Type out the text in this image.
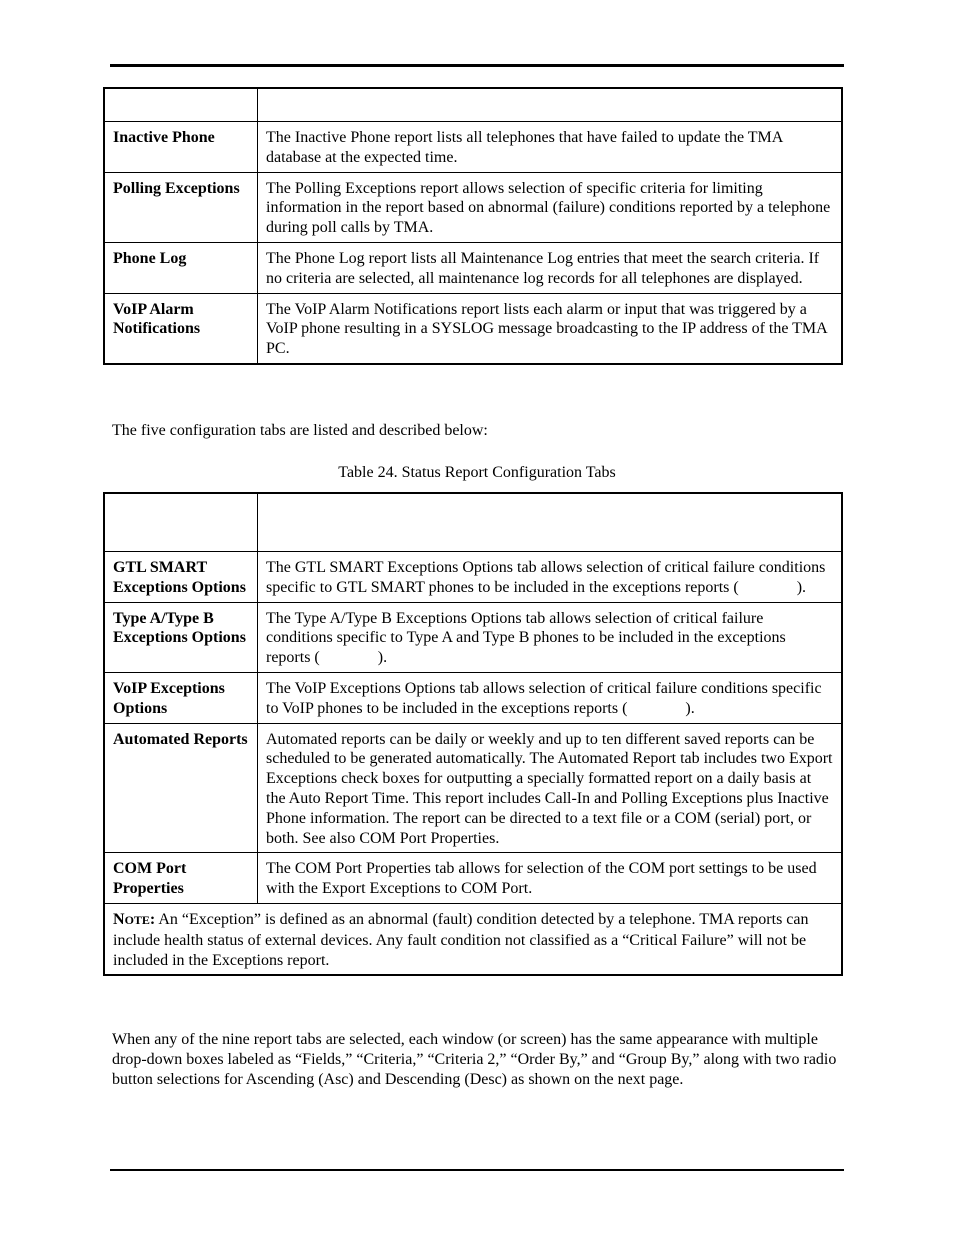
Inactive Phone	The Inactive Phone report lists all telephones that have failed to update the TMA database at the expected time.
Polling Exceptions	The Polling Exceptions report allows selection of specific criteria for limiting information in the report based on abnormal (failure) conditions reported by a telephone during poll calls by TMA.
Phone Log	The Phone Log report lists all Maintenance Log entries that meet the search criteria. If no criteria are selected, all maintenance log records for all telephones are displayed.
VoIP Alarm Notifications	The VoIP Alarm Notifications report lists each alarm or input that was triggered by a VoIP phone resulting in a SYSLOG message broadcasting to the IP address of the TMA PC.

The five configuration tabs are listed and described below:

Table 24. Status Report Configuration Tabs

GTL SMART Exceptions Options	The GTL SMART Exceptions Options tab allows selection of critical failure conditions specific to GTL SMART phones to be included in the exceptions reports ( ).
Type A/Type B Exceptions Options	The Type A/Type B Exceptions Options tab allows selection of critical failure conditions specific to Type A and Type B phones to be included in the exceptions reports ( ).
VoIP Exceptions Options	The VoIP Exceptions Options tab allows selection of critical failure conditions specific to VoIP phones to be included in the exceptions reports ( ).
Automated Reports	Automated reports can be daily or weekly and up to ten different saved reports can be scheduled to be generated automatically. The Automated Report tab includes two Export Exceptions check boxes for outputting a specially formatted report on a daily basis at the Auto Report Time. This report includes Call-In and Polling Exceptions plus Inactive Phone information. The report can be directed to a text file or a COM (serial) port, or both. See also COM Port Properties.
COM Port Properties	The COM Port Properties tab allows for selection of the COM port settings to be used with the Export Exceptions to COM Port.
NOTE: An “Exception” is defined as an abnormal (fault) condition detected by a telephone. TMA reports can include health status of external devices. Any fault condition not classified as a “Critical Failure” will not be included in the Exceptions report.	

When any of the nine report tabs are selected, each window (or screen) has the same appearance with multiple drop-down boxes labeled as “Fields,” “Criteria,” “Criteria 2,” “Order By,” and “Group By,” along with two radio button selections for Ascending (Asc) and Descending (Desc) as shown on the next page.
